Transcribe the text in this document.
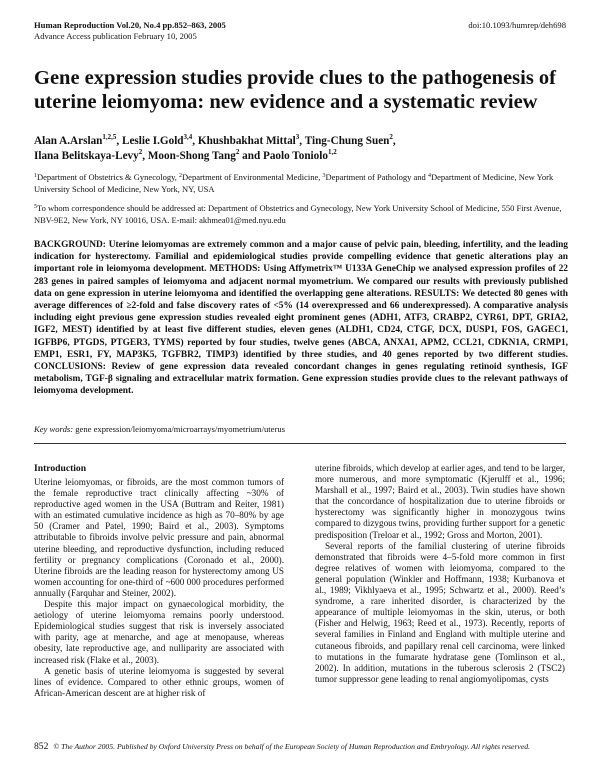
Human Reproduction Vol.20, No.4 pp.852–863, 2005
Advance Access publication February 10, 2005
doi:10.1093/humrep/deh698
Gene expression studies provide clues to the pathogenesis of uterine leiomyoma: new evidence and a systematic review
Alan A.Arslan$^{1,2,5}$, Leslie I.Gold$^{3,4}$, Khushbakhat Mittal$^3$, Ting-Chung Suen$^2$,
Ilana Belitskaya-Levy$^2$, Moon-Shong Tang$^2$ and Paolo Toniolo$^{1,2}$
$^1$Department of Obstetrics & Gynecology, $^2$Department of Environmental Medicine, $^3$Department of Pathology and $^4$Department of Medicine, New York University School of Medicine, New York, NY, USA
$^5$To whom correspondence should be addressed at: Department of Obstetrics and Gynecology, New York University School of Medicine, 550 First Avenue, NBV-9E2, New York, NY 10016, USA. E-mail: akhmea01@med.nyu.edu
BACKGROUND: Uterine leiomyomas are extremely common and a major cause of pelvic pain, bleeding, infertility, and the leading indication for hysterectomy. Familial and epidemiological studies provide compelling evidence that genetic alterations play an important role in leiomyoma development. METHODS: Using Affymetrix™ U133A GeneChip we analysed expression profiles of 22 283 genes in paired samples of leiomyoma and adjacent normal myometrium. We compared our results with previously published data on gene expression in uterine leiomyoma and identified the overlapping gene alterations. RESULTS: We detected 80 genes with average differences of ≥2-fold and false discovery rates of <5% (14 overexpressed and 66 underexpressed). A comparative analysis including eight previous gene expression studies revealed eight prominent genes (ADH1, ATF3, CRABP2, CYR61, DPT, GRIA2, IGF2, MEST) identified by at least five different studies, eleven genes (ALDH1, CD24, CTGF, DCX, DUSP1, FOS, GAGEC1, IGFBP6, PTGDS, PTGER3, TYMS) reported by four studies, twelve genes (ABCA, ANXA1, APM2, CCL21, CDKN1A, CRMP1, EMP1, ESR1, FY, MAP3K5, TGFBR2, TIMP3) identified by three studies, and 40 genes reported by two different studies. CONCLUSIONS: Review of gene expression data revealed concordant changes in genes regulating retinoid synthesis, IGF metabolism, TGF-β signaling and extracellular matrix formation. Gene expression studies provide clues to the relevant pathways of leiomyoma development.
Key words: gene expression/leiomyoma/microarrays/myometrium/uterus
Introduction

Uterine leiomyomas, or fibroids, are the most common tumors of the female reproductive tract clinically affecting ~30% of reproductive aged women in the USA (Buttram and Reiter, 1981) with an estimated cumulative incidence as high as 70–80% by age 50 (Cramer and Patel, 1990; Baird et al., 2003). Symptoms attributable to fibroids involve pelvic pressure and pain, abnormal uterine bleeding, and reproductive dysfunction, including reduced fertility or pregnancy complications (Coronado et al., 2000). Uterine fibroids are the leading reason for hysterectomy among US women accounting for one-third of ~600 000 procedures performed annually (Farquhar and Steiner, 2002).

Despite this major impact on gynaecological morbidity, the aetiology of uterine leiomyoma remains poorly understood. Epidemiological studies suggest that risk is inversely associated with parity, age at menarche, and age at menopause, whereas obesity, late reproductive age, and nulliparity are associated with increased risk (Flake et al., 2003).

A genetic basis of uterine leiomyoma is suggested by several lines of evidence. Compared to other ethnic groups, women of African-American descent are at higher risk of

uterine fibroids, which develop at earlier ages, and tend to be larger, more numerous, and more symptomatic (Kjerulff et al., 1996; Marshall et al., 1997; Baird et al., 2003). Twin studies have shown that the concordance of hospitalization due to uterine fibroids or hysterectomy was significantly higher in monozygous twins compared to dizygous twins, providing further support for a genetic predisposition (Treloar et al., 1992; Gross and Morton, 2001).

Several reports of the familial clustering of uterine fibroids demonstrated that fibroids were 4–5-fold more common in first degree relatives of women with leiomyoma, compared to the general population (Winkler and Hoffmann, 1938; Kurbanova et al., 1989; Vikhlyaeva et al., 1995; Schwartz et al., 2000). Reed’s syndrome, a rare inherited disorder, is characterized by the appearance of multiple leiomyomas in the skin, uterus, or both (Fisher and Helwig, 1963; Reed et al., 1973). Recently, reports of several families in Finland and England with multiple uterine and cutaneous fibroids, and papillary renal cell carcinoma, were linked to mutations in the fumarate hydratase gene (Tomlinson et al., 2002). In addition, mutations in the tuberous sclerosis 2 (TSC2) tumor suppressor gene leading to renal angiomyolipomas, cysts

852 © The Author 2005. Published by Oxford University Press on behalf of the European Society of Human Reproduction and Embryology. All rights reserved.
